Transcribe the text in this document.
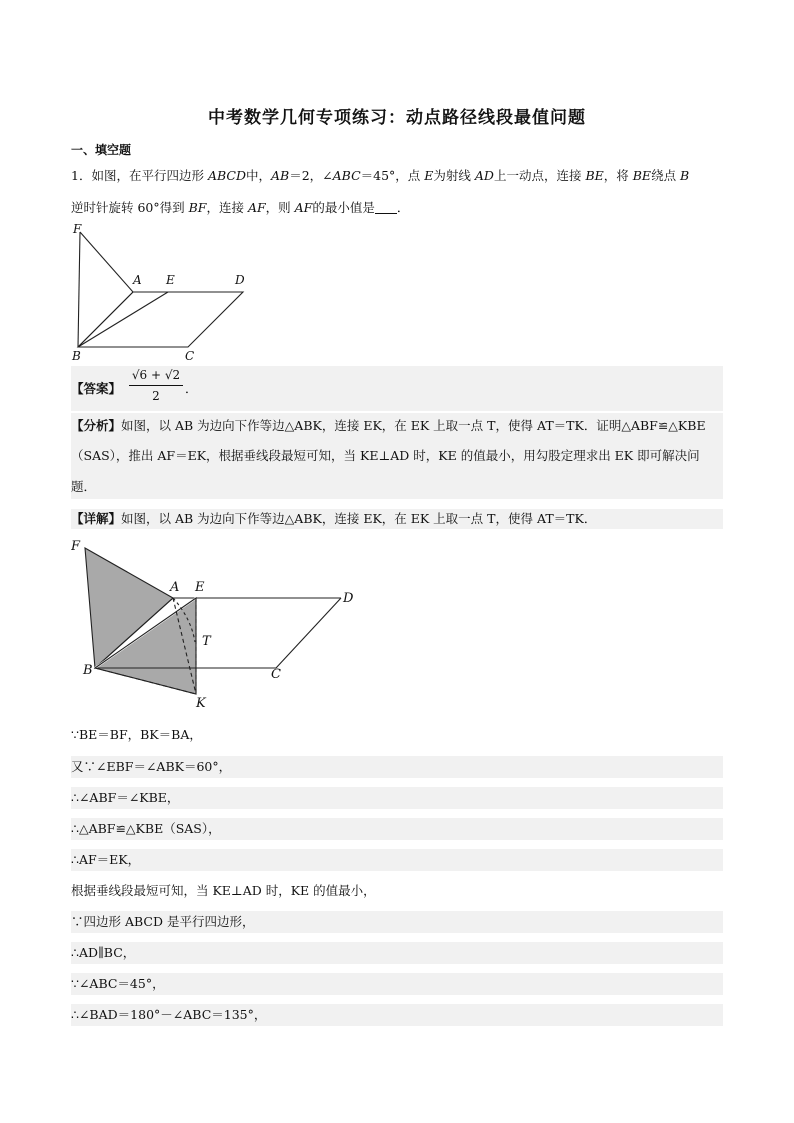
中考数学几何专项练习：动点路径线段最值问题
一、填空题
1．如图，在平行四边形 ABCD中，AB＝2，∠ABC＝45°，点 E为射线 AD上一动点，连接 BE，将 BE绕点 B
逆时针旋转 60°得到 BF，连接 AF，则 AF的最小值是 ．
F
A E	D
B	C
【答案】 $\frac{√6 + √2}{2}$ ．
【分析】如图，以 AB 为边向下作等边△ABK，连接 EK，在 EK 上取一点 T，使得 AT＝TK．证明△ABF≌△KBE
（SAS），推出 AF＝EK，根据垂线段最短可知，当 KE⊥AD 时，KE 的值最小，用勾股定理求出 EK 即可解决问
题．
【详解】如图，以 AB 为边向下作等边△ABK，连接 EK，在 EK 上取一点 T，使得 AT＝TK．
F
A E
D
T
B	C
K
∵BE＝BF，BK＝BA，
又∵∠EBF＝∠ABK＝60°，
∴∠ABF＝∠KBE，
∴△ABF≌△KBE（SAS），
∴AF＝EK，
根据垂线段最短可知，当 KE⊥AD 时，KE 的值最小，
∵四边形 ABCD 是平行四边形，
∴AD∥BC，
∵∠ABC＝45°，
∴∠BAD＝180°－∠ABC＝135°，
